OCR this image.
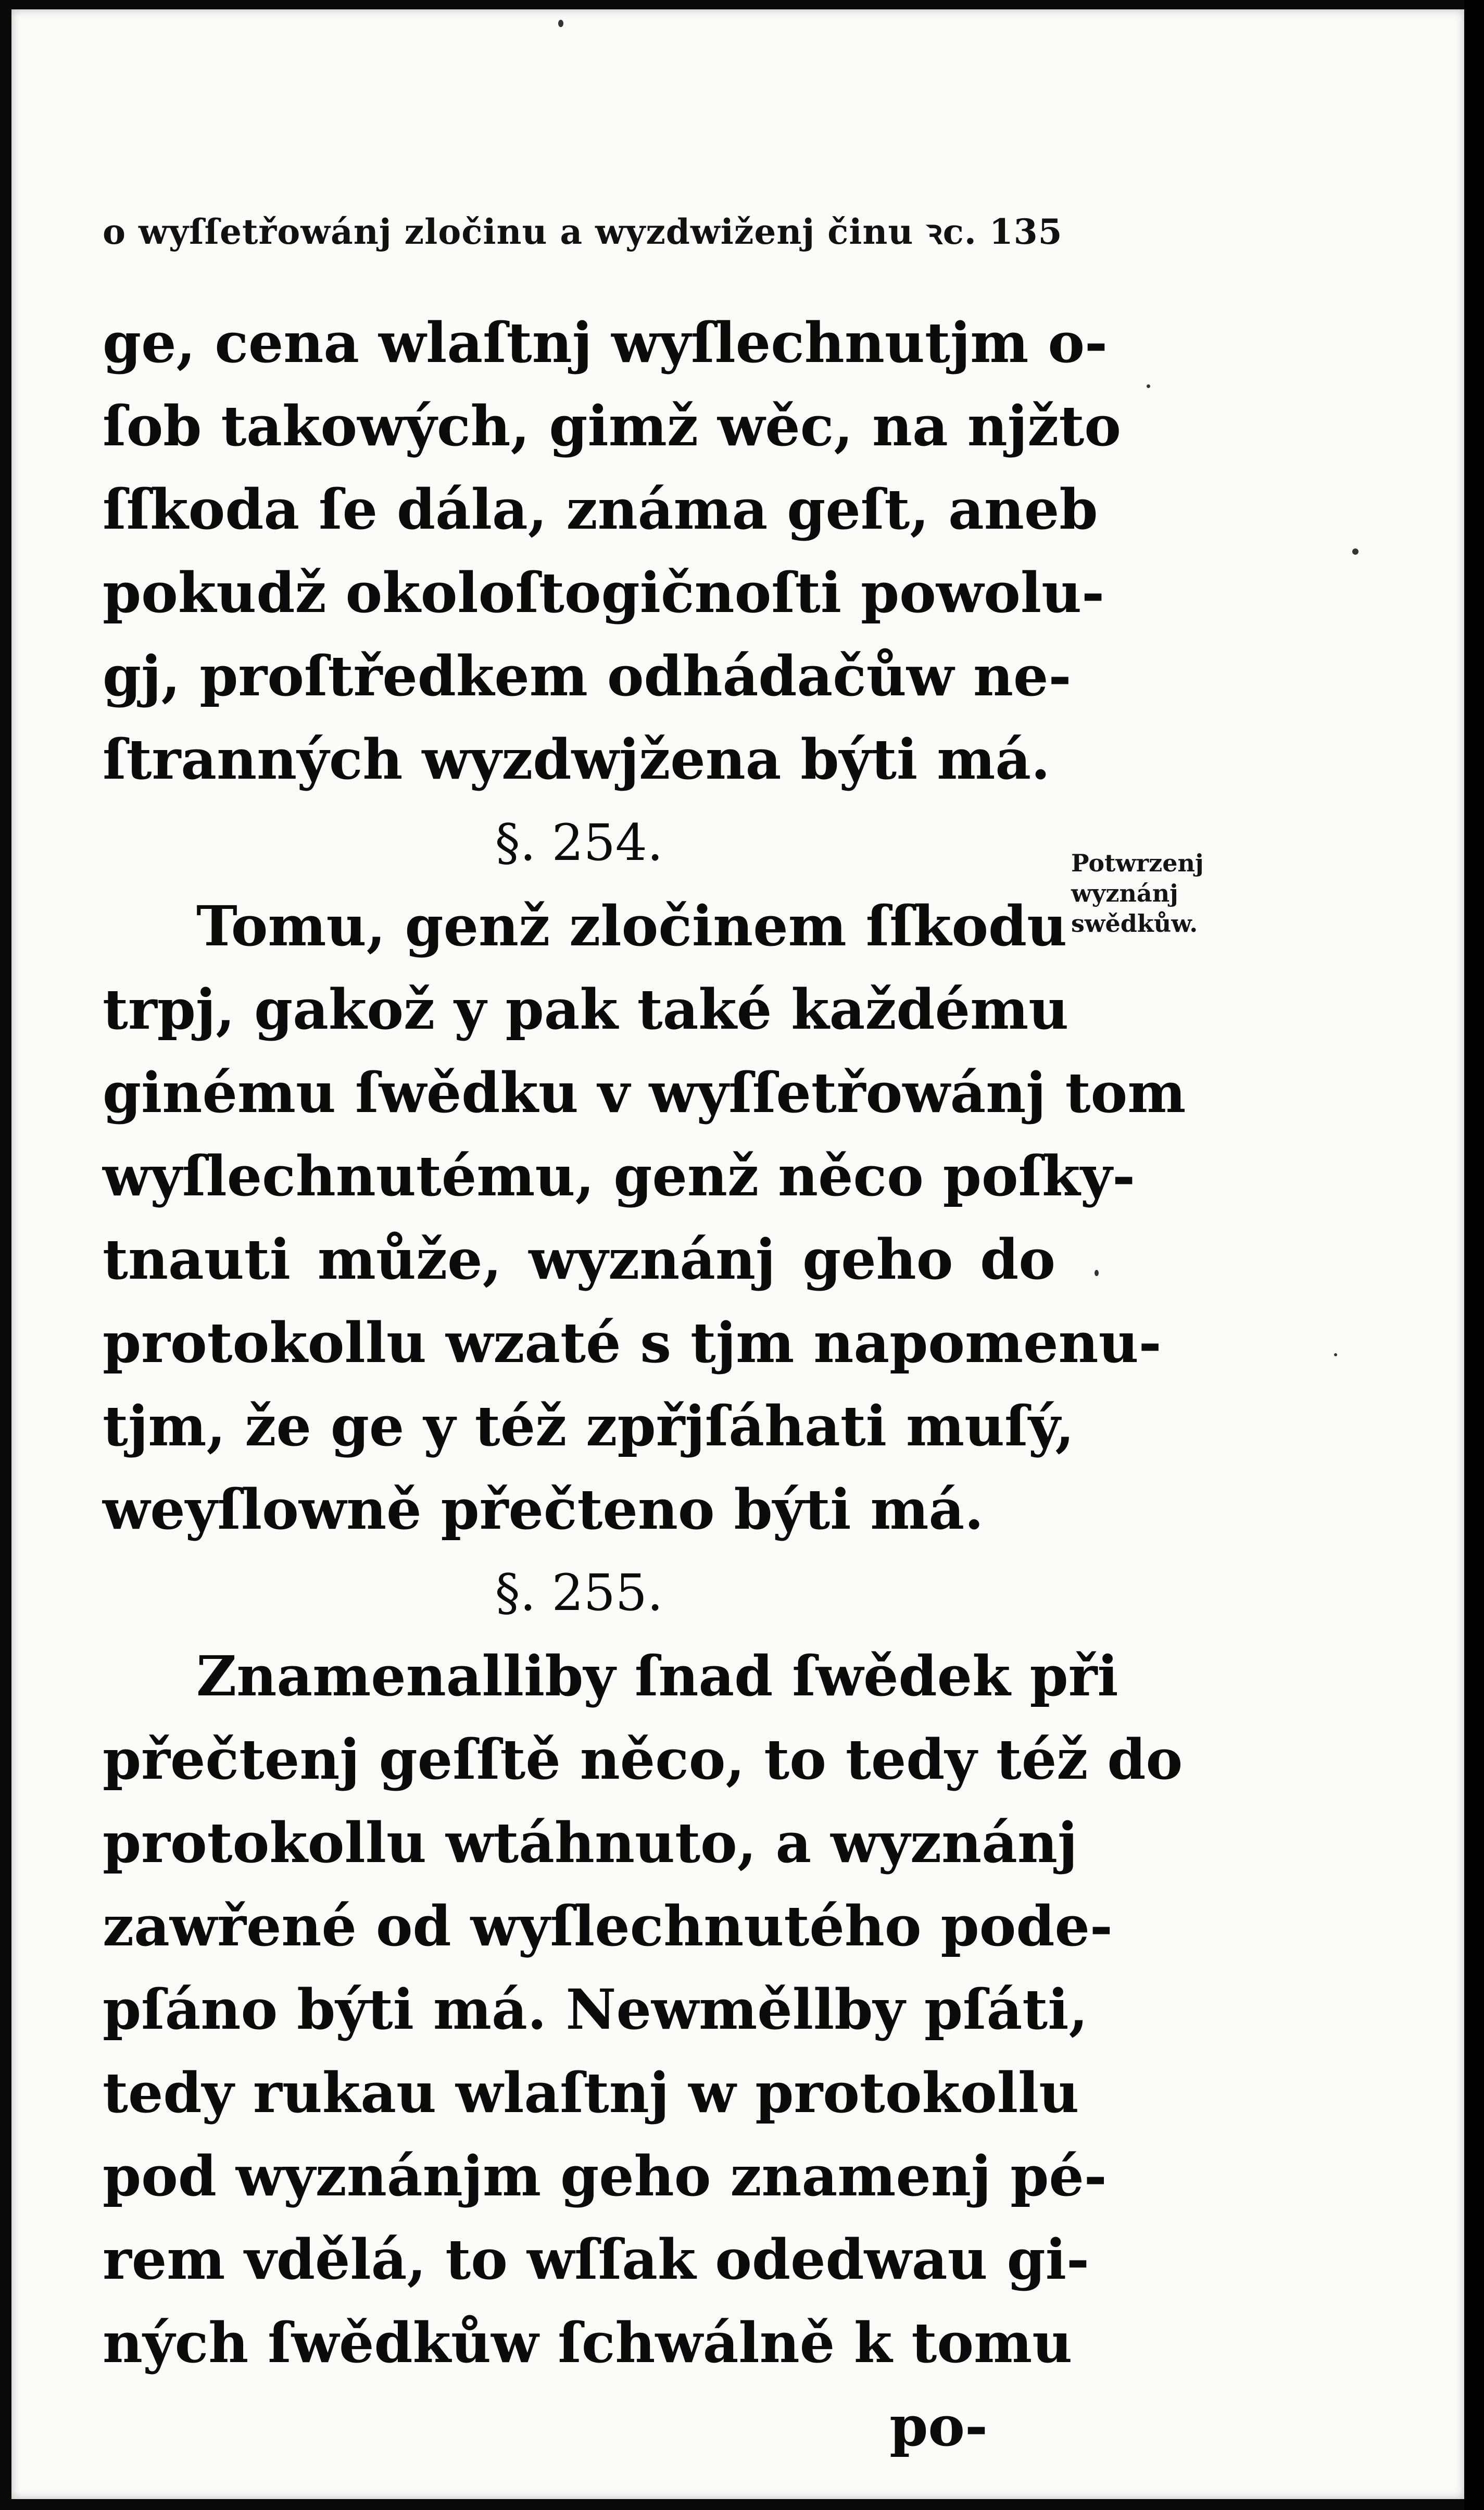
o wyſſetřowánj zločinu a wyzdwiženj činu ꝛc. 135
ge, cena wlaſtnj wyſlechnutjm o-
ſob takowých, gimž wěc, na njžto
ſſkoda ſe dála, známa geſt, aneb
pokudž okoloſtogičnoſti powolu-
gj, proſtředkem odhádačůw ne-
ſtranných wyzdwjžena býti má.
§. 254.
Tomu, genž zločinem ſſkodu
trpj, gakož y pak také každému
ginému ſwědku v wyſſetřowánj tom
wyſlechnutému, genž něco poſky-
tnauti může, wyznánj geho do
protokollu wzaté s tjm napomenu-
tjm, že ge y též zpřjſáhati muſý,
weyſlowně přečteno býti má.
§. 255.
Znamenalliby ſnad ſwědek při
přečtenj geſſtě něco, to tedy též do
protokollu wtáhnuto, a wyznánj
zawřené od wyſlechnutého pode-
pſáno býti má. Newměllby pſáti,
tedy rukau wlaſtnj w protokollu
pod wyznánjm geho znamenj pé-
rem vdělá, to wſſak odedwau gi-
ných ſwědkůw ſchwálně k tomu
po-
Potwrzenj
wyznánj
swědkůw.
